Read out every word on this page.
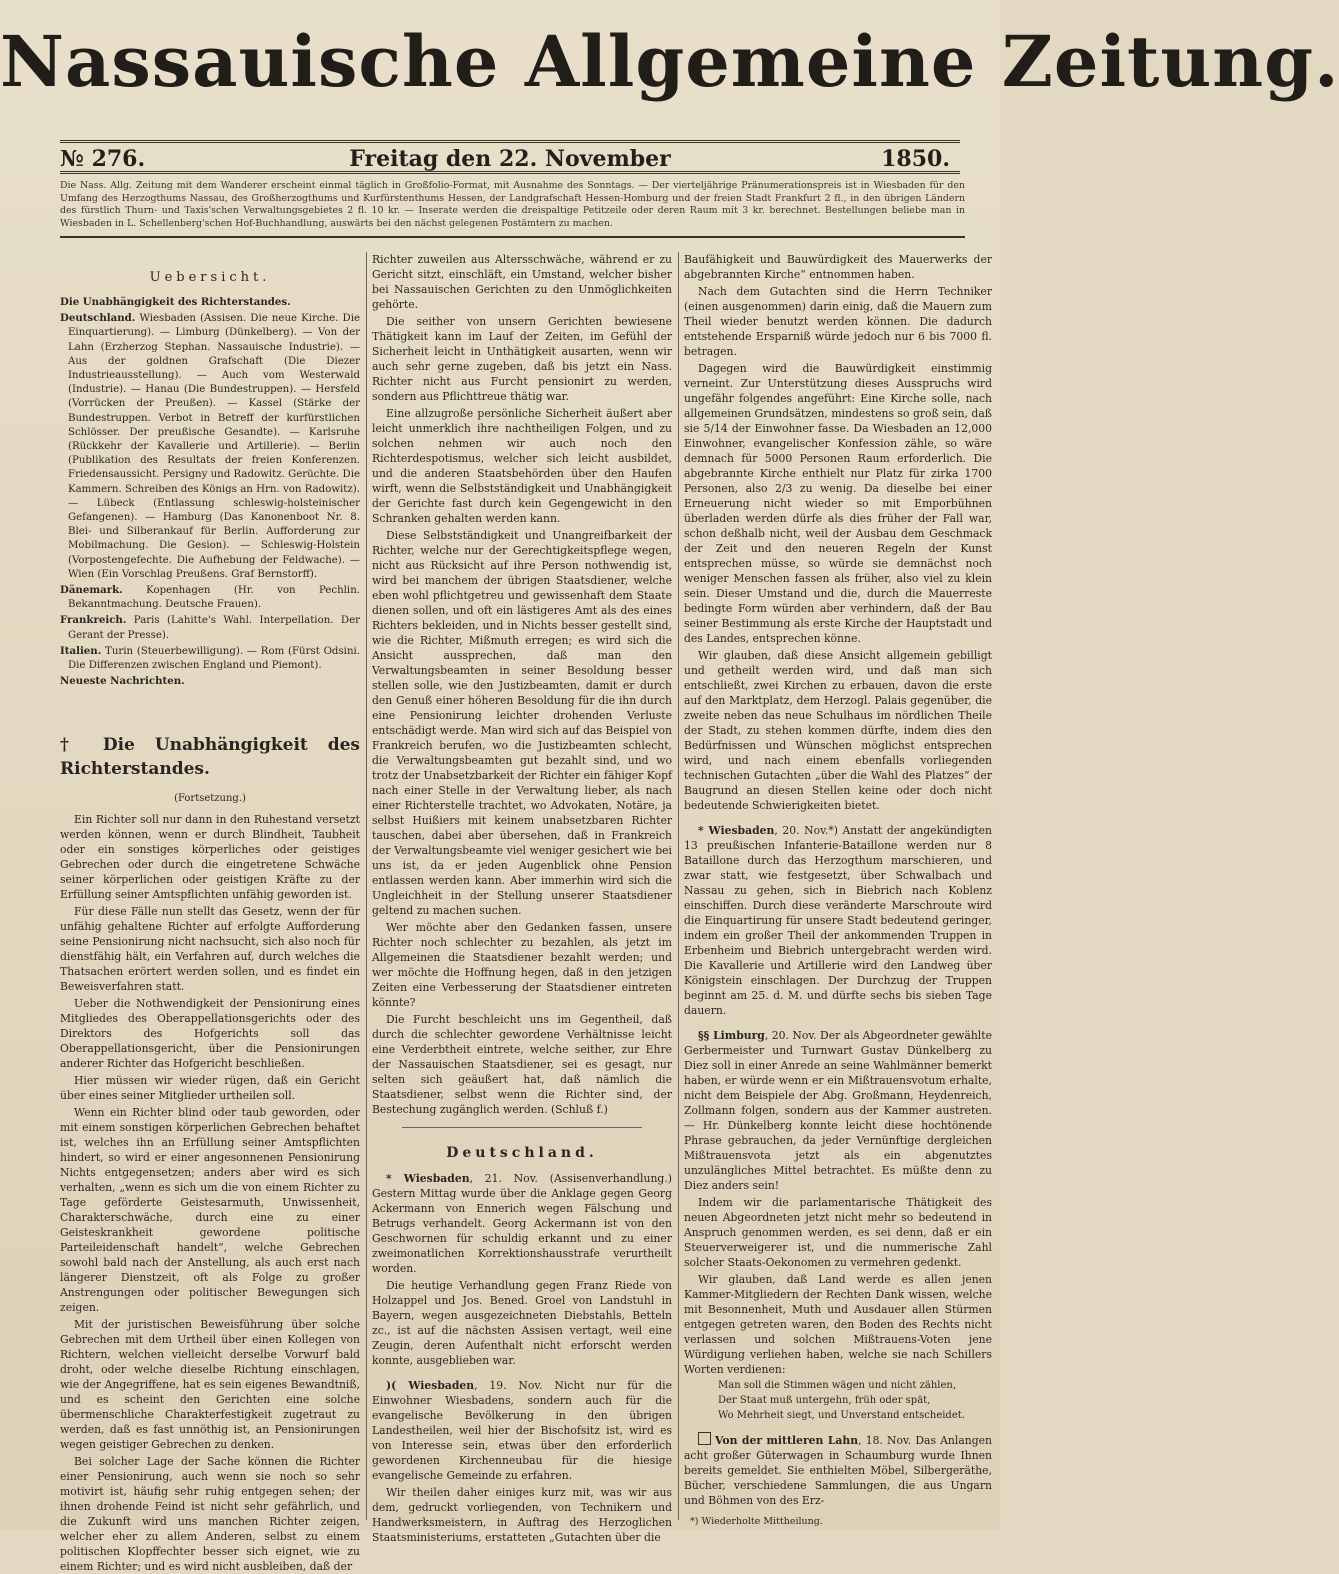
Nassauische Allgemeine Zeitung.
№ 276.	Freitag den 22. November	1850.
Die Nass. Allg. Zeitung mit dem Wanderer erscheint einmal täglich in Großfolio-Format, mit Ausnahme des Sonntags. — Der vierteljährige Pränumerationspreis ist in Wiesbaden für den Umfang des Herzogthums Nassau, des Großherzogthums und Kurfürstenthums Hessen, der Landgrafschaft Hessen-Homburg und der freien Stadt Frankfurt 2 fl., in den übrigen Ländern des fürstlich Thurn- und Taxis'schen Verwaltungsgebietes 2 fl. 10 kr. — Inserate werden die dreispaltige Petitzeile oder deren Raum mit 3 kr. berechnet. Bestellungen beliebe man in Wiesbaden in L. Schellenberg'schen Hof-Buchhandlung, auswärts bei den nächst gelegenen Postämtern zu machen.
Uebersicht.
Die Unabhängigkeit des Richterstandes.
Deutschland. Wiesbaden (Assisen. Die neue Kirche. Die Einquartierung). — Limburg (Dünkelberg). — Von der Lahn (Erzherzog Stephan. Nassauische Industrie). — Aus der goldnen Grafschaft (Die Diezer Industrieausstellung). — Auch vom Westerwald (Industrie). — Hanau (Die Bundestruppen). — Hersfeld (Vorrücken der Preußen). — Kassel (Stärke der Bundestruppen. Verbot in Betreff der kurfürstlichen Schlösser. Der preußische Gesandte). — Karlsruhe (Rückkehr der Kavallerie und Artillerie). — Berlin (Publikation des Resultats der freien Konferenzen. Friedensaussicht. Persigny und Radowitz. Gerüchte. Die Kammern. Schreiben des Königs an Hrn. von Radowitz). — Lübeck (Entlassung schleswig-holsteinischer Gefangenen). — Hamburg (Das Kanonenboot Nr. 8. Blei- und Silberankauf für Berlin. Aufforderung zur Mobilmachung. Die Gesion). — Schleswig-Holstein (Vorpostengefechte. Die Aufhebung der Feldwache). — Wien (Ein Vorschlag Preußens. Graf Bernstorff).
Dänemark. Kopenhagen (Hr. von Pechlin. Bekanntmachung. Deutsche Frauen).
Frankreich. Paris (Lahitte's Wahl. Interpellation. Der Gerant der Presse).
Italien. Turin (Steuerbewilligung). — Rom (Fürst Odsini. Die Differenzen zwischen England und Piemont).
Neueste Nachrichten.
† Die Unabhängigkeit des Richterstandes.
(Fortsetzung.)

Ein Richter soll nur dann in den Ruhestand versetzt werden können, wenn er durch Blindheit, Taubheit oder ein sonstiges körperliches oder geistiges Gebrechen oder durch die eingetretene Schwäche seiner körperlichen oder geistigen Kräfte zu der Erfüllung seiner Amtspflichten unfähig geworden ist.

Für diese Fälle nun stellt das Gesetz, wenn der für unfähig gehaltene Richter auf erfolgte Aufforderung seine Pensionirung nicht nachsucht, sich also noch für dienstfähig hält, ein Verfahren auf, durch welches die Thatsachen erörtert werden sollen, und es findet ein Beweisverfahren statt.

Ueber die Nothwendigkeit der Pensionirung eines Mitgliedes des Oberappellationsgerichts oder des Direktors des Hofgerichts soll das Oberappellationsgericht, über die Pensionirungen anderer Richter das Hofgericht beschließen.

Hier müssen wir wieder rügen, daß ein Gericht über eines seiner Mitglieder urtheilen soll.

Wenn ein Richter blind oder taub geworden, oder mit einem sonstigen körperlichen Gebrechen behaftet ist, welches ihn an Erfüllung seiner Amtspflichten hindert, so wird er einer angesonnenen Pensionirung Nichts entgegensetzen; anders aber wird es sich verhalten, „wenn es sich um die von einem Richter zu Tage geförderte Geistesarmuth, Unwissenheit, Charakterschwäche, durch eine zu einer Geisteskrankheit gewordene politische Parteileidenschaft handelt“, welche Gebrechen sowohl bald nach der Anstellung, als auch erst nach längerer Dienstzeit, oft als Folge zu großer Anstrengungen oder politischer Bewegungen sich zeigen.

Mit der juristischen Beweisführung über solche Gebrechen mit dem Urtheil über einen Kollegen von Richtern, welchen vielleicht derselbe Vorwurf bald droht, oder welche dieselbe Richtung einschlagen, wie der Angegriffene, hat es sein eigenes Bewandtniß, und es scheint den Gerichten eine solche übermenschliche Charakterfestigkeit zugetraut zu werden, daß es fast unnöthig ist, an Pensionirungen wegen geistiger Gebrechen zu denken.

Bei solcher Lage der Sache können die Richter einer Pensionirung, auch wenn sie noch so sehr motivirt ist, häufig sehr ruhig entgegen sehen; der ihnen drohende Feind ist nicht sehr gefährlich, und die Zukunft wird uns manchen Richter zeigen, welcher eher zu allem Anderen, selbst zu einem politischen Klopffechter besser sich eignet, wie zu einem Richter; und es wird nicht ausbleiben, daß der

Richter zuweilen aus Altersschwäche, während er zu Gericht sitzt, einschläft, ein Umstand, welcher bisher bei Nassauischen Gerichten zu den Unmöglichkeiten gehörte.

Die seither von unsern Gerichten bewiesene Thätigkeit kann im Lauf der Zeiten, im Gefühl der Sicherheit leicht in Unthätigkeit ausarten, wenn wir auch sehr gerne zugeben, daß bis jetzt ein Nass. Richter nicht aus Furcht pensionirt zu werden, sondern aus Pflichttreue thätig war.

Eine allzugroße persönliche Sicherheit äußert aber leicht unmerklich ihre nachtheiligen Folgen, und zu solchen nehmen wir auch noch den Richterdespotismus, welcher sich leicht ausbildet, und die anderen Staatsbehörden über den Haufen wirft, wenn die Selbstständigkeit und Unabhängigkeit der Gerichte fast durch kein Gegengewicht in den Schranken gehalten werden kann.

Diese Selbstständigkeit und Unangreifbarkeit der Richter, welche nur der Gerechtigkeitspflege wegen, nicht aus Rücksicht auf ihre Person nothwendig ist, wird bei manchem der übrigen Staatsdiener, welche eben wohl pflichtgetreu und gewissenhaft dem Staate dienen sollen, und oft ein lästigeres Amt als des eines Richters bekleiden, und in Nichts besser gestellt sind, wie die Richter, Mißmuth erregen; es wird sich die Ansicht aussprechen, daß man den Verwaltungsbeamten in seiner Besoldung besser stellen solle, wie den Justizbeamten, damit er durch den Genuß einer höheren Besoldung für die ihn durch eine Pensionirung leichter drohenden Verluste entschädigt werde. Man wird sich auf das Beispiel von Frankreich berufen, wo die Justizbeamten schlecht, die Verwaltungsbeamten gut bezahlt sind, und wo trotz der Unabsetzbarkeit der Richter ein fähiger Kopf nach einer Stelle in der Verwaltung lieber, als nach einer Richterstelle trachtet, wo Advokaten, Notäre, ja selbst Huißiers mit keinem unabsetzbaren Richter tauschen, dabei aber übersehen, daß in Frankreich der Verwaltungsbeamte viel weniger gesichert wie bei uns ist, da er jeden Augenblick ohne Pension entlassen werden kann. Aber immerhin wird sich die Ungleichheit in der Stellung unserer Staatsdiener geltend zu machen suchen.

Wer möchte aber den Gedanken fassen, unsere Richter noch schlechter zu bezahlen, als jetzt im Allgemeinen die Staatsdiener bezahlt werden; und wer möchte die Hoffnung hegen, daß in den jetzigen Zeiten eine Verbesserung der Staatsdiener eintreten könnte?

Die Furcht beschleicht uns im Gegentheil, daß durch die schlechter gewordene Verhältnisse leicht eine Verderbtheit eintrete, welche seither, zur Ehre der Nassauischen Staatsdiener, sei es gesagt, nur selten sich geäußert hat, daß nämlich die Staatsdiener, selbst wenn die Richter sind, der Bestechung zugänglich werden. (Schluß f.)

Deutschland.

* Wiesbaden, 21. Nov. (Assisenverhandlung.) Gestern Mittag wurde über die Anklage gegen Georg Ackermann von Ennerich wegen Fälschung und Betrugs verhandelt. Georg Ackermann ist von den Geschwornen für schuldig erkannt und zu einer zweimonatlichen Korrektionshausstrafe verurtheilt worden.

Die heutige Verhandlung gegen Franz Riede von Holzappel und Jos. Bened. Groel von Landstuhl in Bayern, wegen ausgezeichneten Diebstahls, Betteln zc., ist auf die nächsten Assisen vertagt, weil eine Zeugin, deren Aufenthalt nicht erforscht werden konnte, ausgeblieben war.

)( Wiesbaden, 19. Nov. Nicht nur für die Einwohner Wiesbadens, sondern auch für die evangelische Bevölkerung in den übrigen Landestheilen, weil hier der Bischofsitz ist, wird es von Interesse sein, etwas über den erforderlich gewordenen Kirchenneubau für die hiesige evangelische Gemeinde zu erfahren.

Wir theilen daher einiges kurz mit, was wir aus dem, gedruckt vorliegenden, von Technikern und Handwerksmeistern, in Auftrag des Herzoglichen Staatsministeriums, erstatteten „Gutachten über die

Baufähigkeit und Bauwürdigkeit des Mauerwerks der abgebrannten Kirche“ entnommen haben.

Nach dem Gutachten sind die Herrn Techniker (einen ausgenommen) darin einig, daß die Mauern zum Theil wieder benutzt werden können. Die dadurch entstehende Ersparniß würde jedoch nur 6 bis 7000 fl. betragen.

Dagegen wird die Bauwürdigkeit einstimmig verneint. Zur Unterstützung dieses Ausspruchs wird ungefähr folgendes angeführt: Eine Kirche solle, nach allgemeinen Grundsätzen, mindestens so groß sein, daß sie 5/14 der Einwohner fasse. Da Wiesbaden an 12,000 Einwohner, evangelischer Konfession zähle, so wäre demnach für 5000 Personen Raum erforderlich. Die abgebrannte Kirche enthielt nur Platz für zirka 1700 Personen, also 2/3 zu wenig. Da dieselbe bei einer Erneuerung nicht wieder so mit Emporbühnen überladen werden dürfe als dies früher der Fall war, schon deßhalb nicht, weil der Ausbau dem Geschmack der Zeit und den neueren Regeln der Kunst entsprechen müsse, so würde sie demnächst noch weniger Menschen fassen als früher, also viel zu klein sein. Dieser Umstand und die, durch die Mauerreste bedingte Form würden aber verhindern, daß der Bau seiner Bestimmung als erste Kirche der Hauptstadt und des Landes, entsprechen könne.

Wir glauben, daß diese Ansicht allgemein gebilligt und getheilt werden wird, und daß man sich entschließt, zwei Kirchen zu erbauen, davon die erste auf den Marktplatz, dem Herzogl. Palais gegenüber, die zweite neben das neue Schulhaus im nördlichen Theile der Stadt, zu stehen kommen dürfte, indem dies den Bedürfnissen und Wünschen möglichst entsprechen wird, und nach einem ebenfalls vorliegenden technischen Gutachten „über die Wahl des Platzes“ der Baugrund an diesen Stellen keine oder doch nicht bedeutende Schwierigkeiten bietet.

* Wiesbaden, 20. Nov.*) Anstatt der angekündigten 13 preußischen Infanterie-Bataillone werden nur 8 Bataillone durch das Herzogthum marschieren, und zwar statt, wie festgesetzt, über Schwalbach und Nassau zu gehen, sich in Biebrich nach Koblenz einschiffen. Durch diese veränderte Marschroute wird die Einquartirung für unsere Stadt bedeutend geringer, indem ein großer Theil der ankommenden Truppen in Erbenheim und Biebrich untergebracht werden wird. Die Kavallerie und Artillerie wird den Landweg über Königstein einschlagen. Der Durchzug der Truppen beginnt am 25. d. M. und dürfte sechs bis sieben Tage dauern.

§§ Limburg, 20. Nov. Der als Abgeordneter gewählte Gerbermeister und Turnwart Gustav Dünkelberg zu Diez soll in einer Anrede an seine Wahlmänner bemerkt haben, er würde wenn er ein Mißtrauensvotum erhalte, nicht dem Beispiele der Abg. Großmann, Heydenreich, Zollmann folgen, sondern aus der Kammer austreten. — Hr. Dünkelberg konnte leicht diese hochtönende Phrase gebrauchen, da jeder Vernünftige dergleichen Mißtrauensvota jetzt als ein abgenutztes unzulängliches Mittel betrachtet. Es müßte denn zu Diez anders sein!

Indem wir die parlamentarische Thätigkeit des neuen Abgeordneten jetzt nicht mehr so bedeutend in Anspruch genommen werden, es sei denn, daß er ein Steuerverweigerer ist, und die nummerische Zahl solcher Staats-Oekonomen zu vermehren gedenkt.

Wir glauben, daß Land werde es allen jenen Kammer-Mitgliedern der Rechten Dank wissen, welche mit Besonnenheit, Muth und Ausdauer allen Stürmen entgegen getreten waren, den Boden des Rechts nicht verlassen und solchen Mißtrauens-Voten jene Würdigung verliehen haben, welche sie nach Schillers Worten verdienen:

Man soll die Stimmen wägen und nicht zählen,
Der Staat muß untergehn, früh oder spät,
Wo Mehrheit siegt, und Unverstand entscheidet.

Von der mittleren Lahn, 18. Nov. Das Anlangen acht großer Güterwagen in Schaumburg wurde Ihnen bereits gemeldet. Sie enthielten Möbel, Silbergeräthe, Bücher, verschiedene Sammlungen, die aus Ungarn und Böhmen von des Erz-

*) Wiederholte Mittheilung.
